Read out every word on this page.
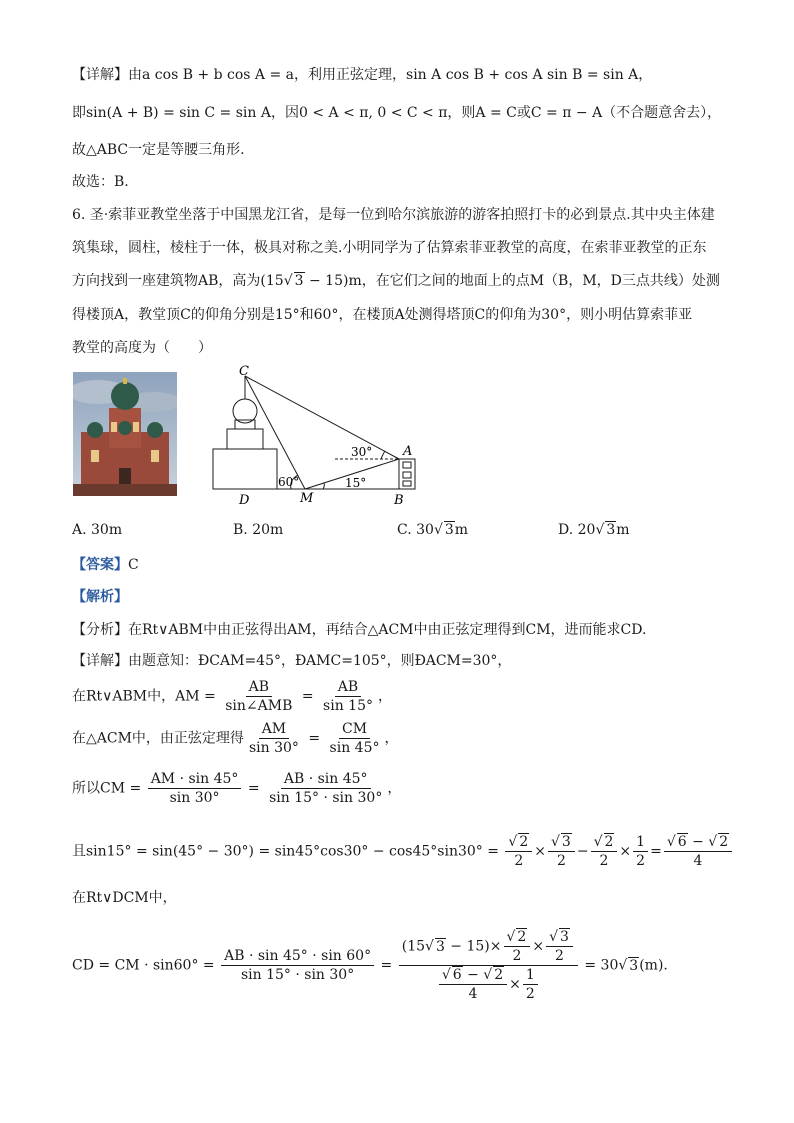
【详解】由a cos B + b cos A = a，利用正弦定理，sin A cos B + cos A sin B = sin A，
即sin(A + B) = sin C = sin A，因0 < A < π, 0 < C < π，则A = C或C = π − A（不合题意舍去），
故△ABC一定是等腰三角形.
故选：B.
6. 圣·索菲亚教堂坐落于中国黑龙江省，是每一位到哈尔滨旅游的游客拍照打卡的必到景点.其中央主体建
筑集球，圆柱，棱柱于一体，极具对称之美.小明同学为了估算索菲亚教堂的高度，在索菲亚教堂的正东
方向找到一座建筑物AB，高为(15√ 3 − 15)m，在它们之间的地面上的点M（B，M，D三点共线）处测
得楼顶A，教堂顶C的仰角分别是15°和60°，在楼顶A处测得塔顶C的仰角为30°，则小明估算索菲亚
教堂的高度为（　　）
C
A
D	M	B
30°
60°	15°
A. 30m	B. 20m	C. 30√ 3m	D. 20√ 3m
【答案】C
【解析】
【分析】在Rt∨ABM中由正弦得出AM，再结合△ACM中由正弦定理得到CM，进而能求CD.
【详解】由题意知：ÐCAM=45°，ÐAMC=105°，则ÐACM=30°，
在Rt∨ABM中，AM = $\frac{AB}{\text{sin∠AMB}} = \frac{AB}{\sin 15^\circ}$ ，
在△ACM中，由正弦定理得 $\frac{AM}{\sin 30^\circ} = \frac{CM}{\sin 45^\circ}$ ，
所以CM = $\frac{AM \cdot \sin 45^\circ}{\sin 30^\circ} = \frac{AB \cdot \sin 45^\circ}{\sin 15^\circ \cdot \sin 30^\circ}$ ，
且$\sin 15^\circ = \sin(45^\circ - 30^\circ) = \sin 45^\circ\cos 30^\circ - \cos 45^\circ\sin 30^\circ = \frac{√ 2}{2} \times \frac{√ 3}{2} - \frac{√ 2}{2} \times \frac{1}{2} = \frac{√ 6 - √ 2}{4}$
在Rt∨DCM中，
CD = CM · $\sin 60^\circ = \frac{AB \cdot \sin 45^\circ \cdot \sin 60^\circ}{\sin 15^\circ \cdot \sin 30^\circ} = \frac{(15√ 3 - 15)\times \frac{√ 2}{2} \times \frac{√ 3}{2}}{\frac{√ 6 - √ 2}{4} \times \frac{1}{2}} = 30√$ 3(m).
